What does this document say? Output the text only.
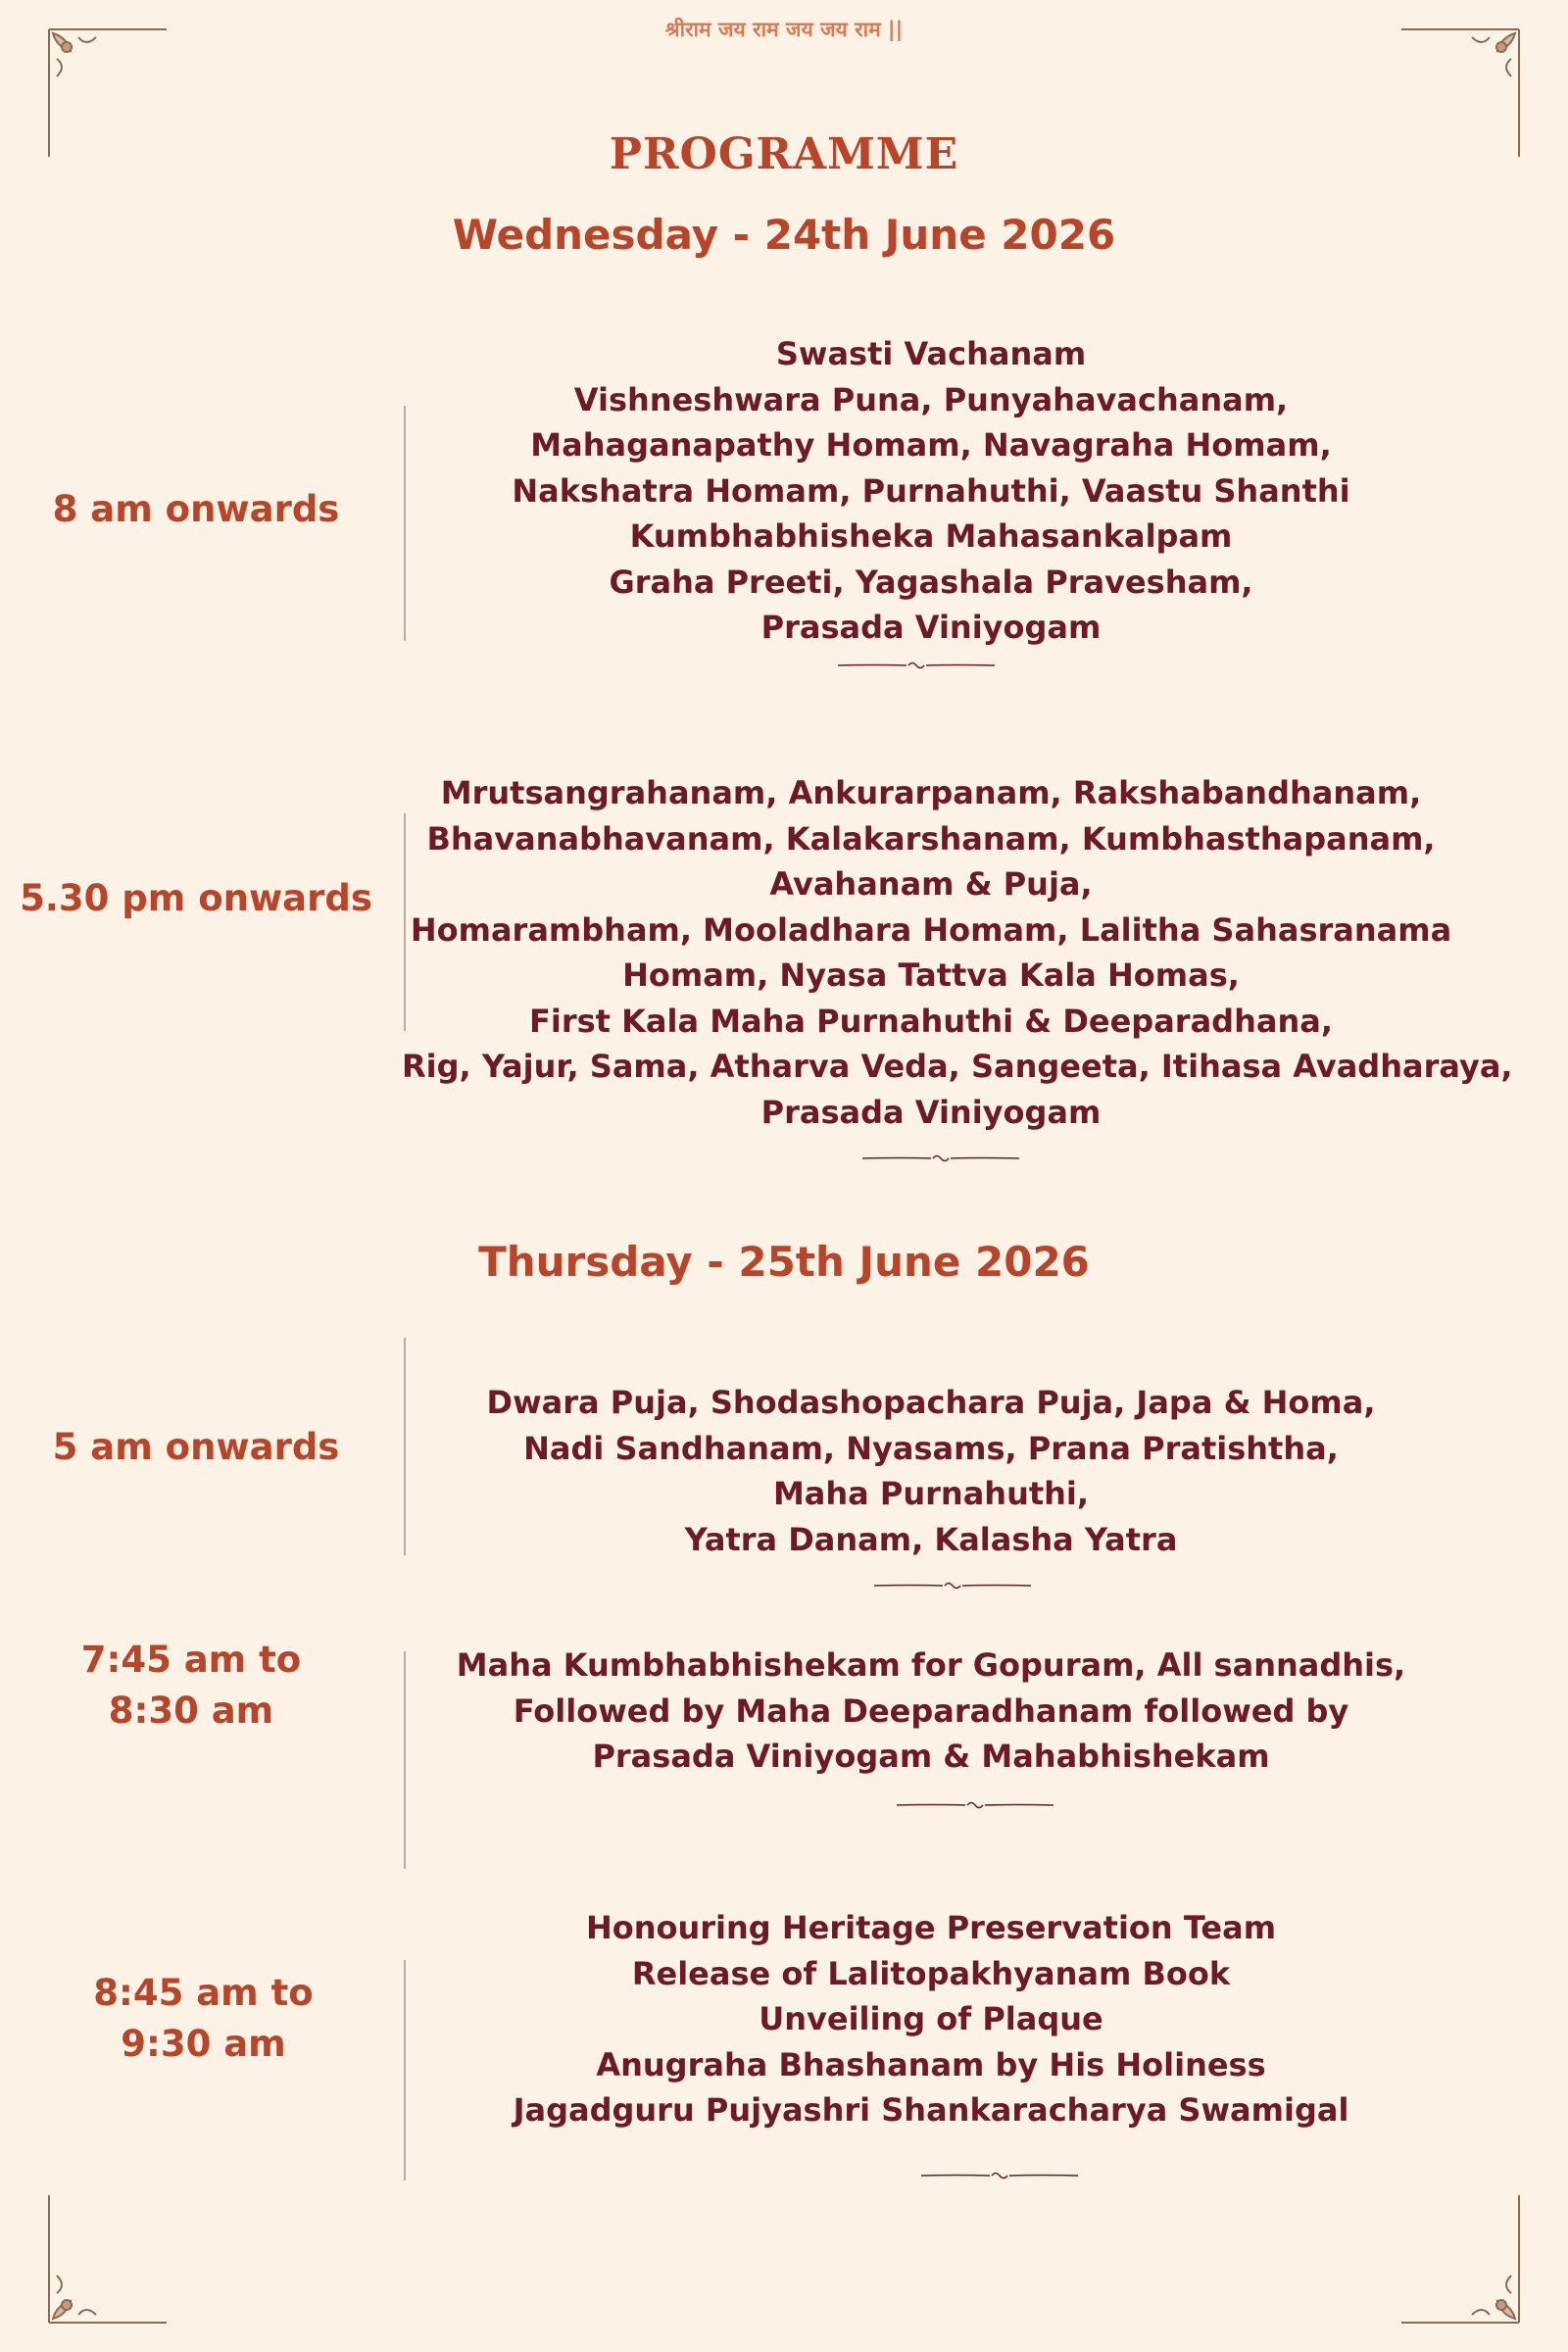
श्रीराम जय राम जय जय राम ||
PROGRAMME
Wednesday - 24th June 2026
8 am onwards
Swasti Vachanam
Vishneshwara Puna, Punyahavachanam,
Mahaganapathy Homam, Navagraha Homam,
Nakshatra Homam, Purnahuthi, Vaastu Shanthi
Kumbhabhisheka Mahasankalpam
Graha Preeti, Yagashala Pravesham,
Prasada Viniyogam
5.30 pm onwards
Mrutsangrahanam, Ankurarpanam, Rakshabandhanam,
Bhavanabhavanam, Kalakarshanam, Kumbhasthapanam,
Avahanam & Puja,
Homarambham, Mooladhara Homam, Lalitha Sahasranama
Homam, Nyasa Tattva Kala Homas,
First Kala Maha Purnahuthi & Deeparadhana,
Rig, Yajur, Sama, Atharva Veda, Sangeeta, Itihasa Avadharaya,
Prasada Viniyogam
Thursday - 25th June 2026
5 am onwards
Dwara Puja, Shodashopachara Puja, Japa & Homa,
Nadi Sandhanam, Nyasams, Prana Pratishtha,
Maha Purnahuthi,
Yatra Danam, Kalasha Yatra
7:45 am to
8:30 am
Maha Kumbhabhishekam for Gopuram, All sannadhis,
Followed by Maha Deeparadhanam followed by
Prasada Viniyogam & Mahabhishekam
8:45 am to
9:30 am
Honouring Heritage Preservation Team
Release of Lalitopakhyanam Book
Unveiling of Plaque
Anugraha Bhashanam by His Holiness
Jagadguru Pujyashri Shankaracharya Swamigal
